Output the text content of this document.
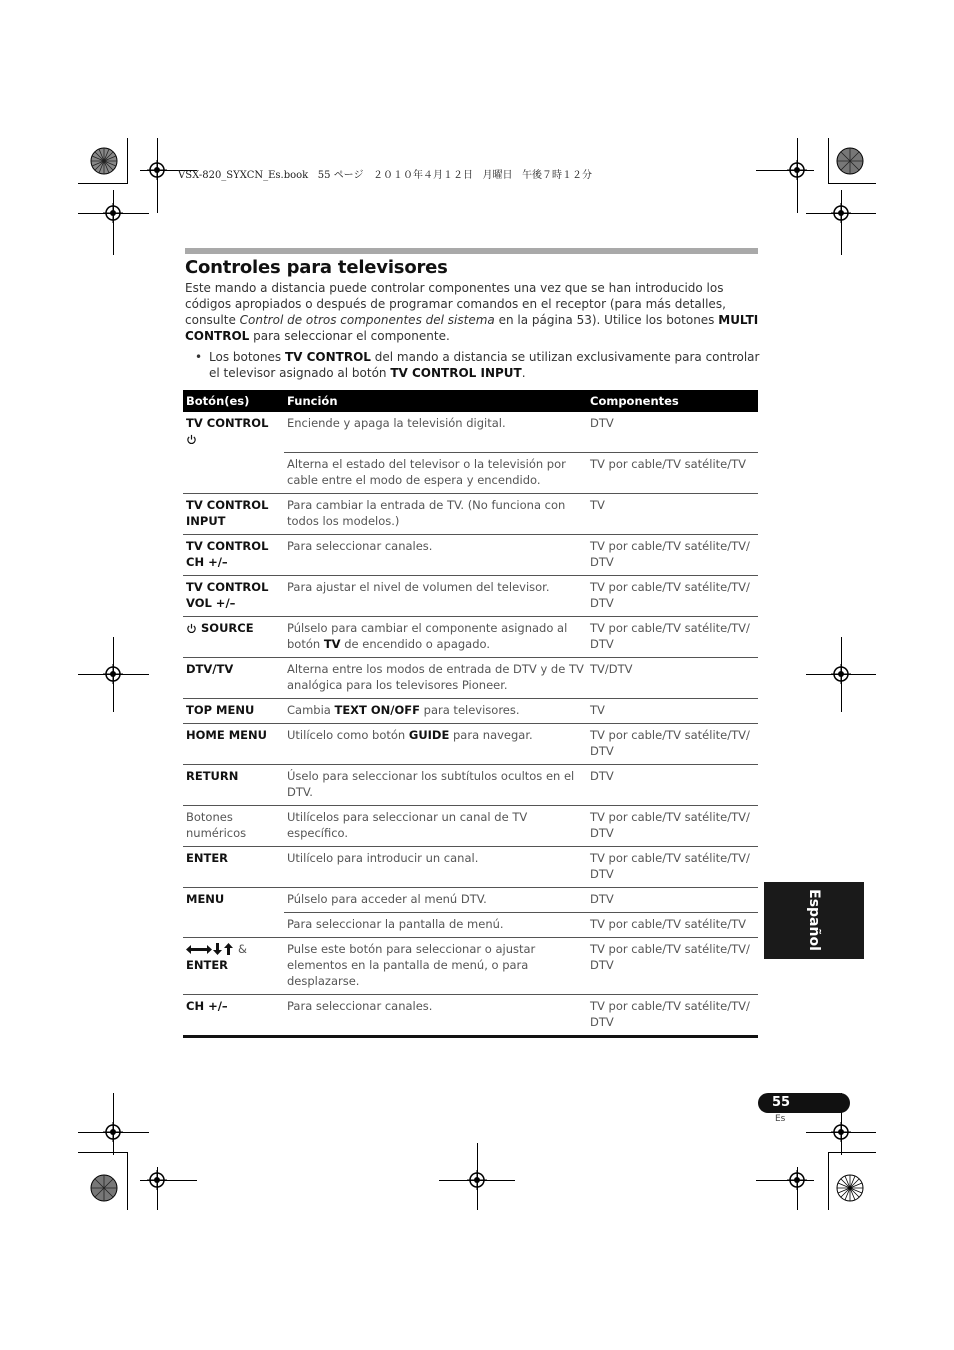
VSX-820_SYXCN_Es.book   55 ページ   ２０１０年４月１２日   月曜日   午後７時１２分
Controles para televisores

Este mando a distancia puede controlar componentes una vez que se han introducido los códigos apropiados o después de programar comandos en el receptor (para más detalles, consulte Control de otros componentes del sistema en la página 53). Utilice los botones MULTI CONTROL para seleccionar el componente.

• Los botones TV CONTROL del mando a distancia se utilizan exclusivamente para controlar el televisor asignado al botón TV CONTROL INPUT.

Botón(es)	Función	Componentes
TV CONTROL	Enciende y apaga la televisión digital.	DTV
	Alterna el estado del televisor o la televisión por cable entre el modo de espera y encendido.	TV por cable/TV satélite/TV
TV CONTROL INPUT	Para cambiar la entrada de TV. (No funciona con todos los modelos.)	TV
TV CONTROL CH +/–	Para seleccionar canales.	TV por cable/TV satélite/TV/ DTV
TV CONTROL VOL +/–	Para ajustar el nivel de volumen del televisor.	TV por cable/TV satélite/TV/ DTV
SOURCE	Púlselo para cambiar el componente asignado al botón TV de encendido o apagado.	TV por cable/TV satélite/TV/ DTV
DTV/TV	Alterna entre los modos de entrada de DTV y de TV analógica para los televisores Pioneer.	TV/DTV
TOP MENU	Cambia TEXT ON/OFF para televisores.	TV
HOME MENU	Utilícelo como botón GUIDE para navegar.	TV por cable/TV satélite/TV/ DTV
RETURN	Úselo para seleccionar los subtítulos ocultos en el DTV.	DTV
Botones numéricos	Utilícelos para seleccionar un canal de TV específico.	TV por cable/TV satélite/TV/ DTV
ENTER	Utilícelo para introducir un canal.	TV por cable/TV satélite/TV/ DTV
MENU	Púlselo para acceder al menú DTV.	DTV
	Para seleccionar la pantalla de menú.	TV por cable/TV satélite/TV
&
ENTER	Pulse este botón para seleccionar o ajustar elementos en la pantalla de menú, o para desplazarse.	TV por cable/TV satélite/TV/ DTV
CH +/–	Para seleccionar canales.	TV por cable/TV satélite/TV/ DTV
Español
55
Es
